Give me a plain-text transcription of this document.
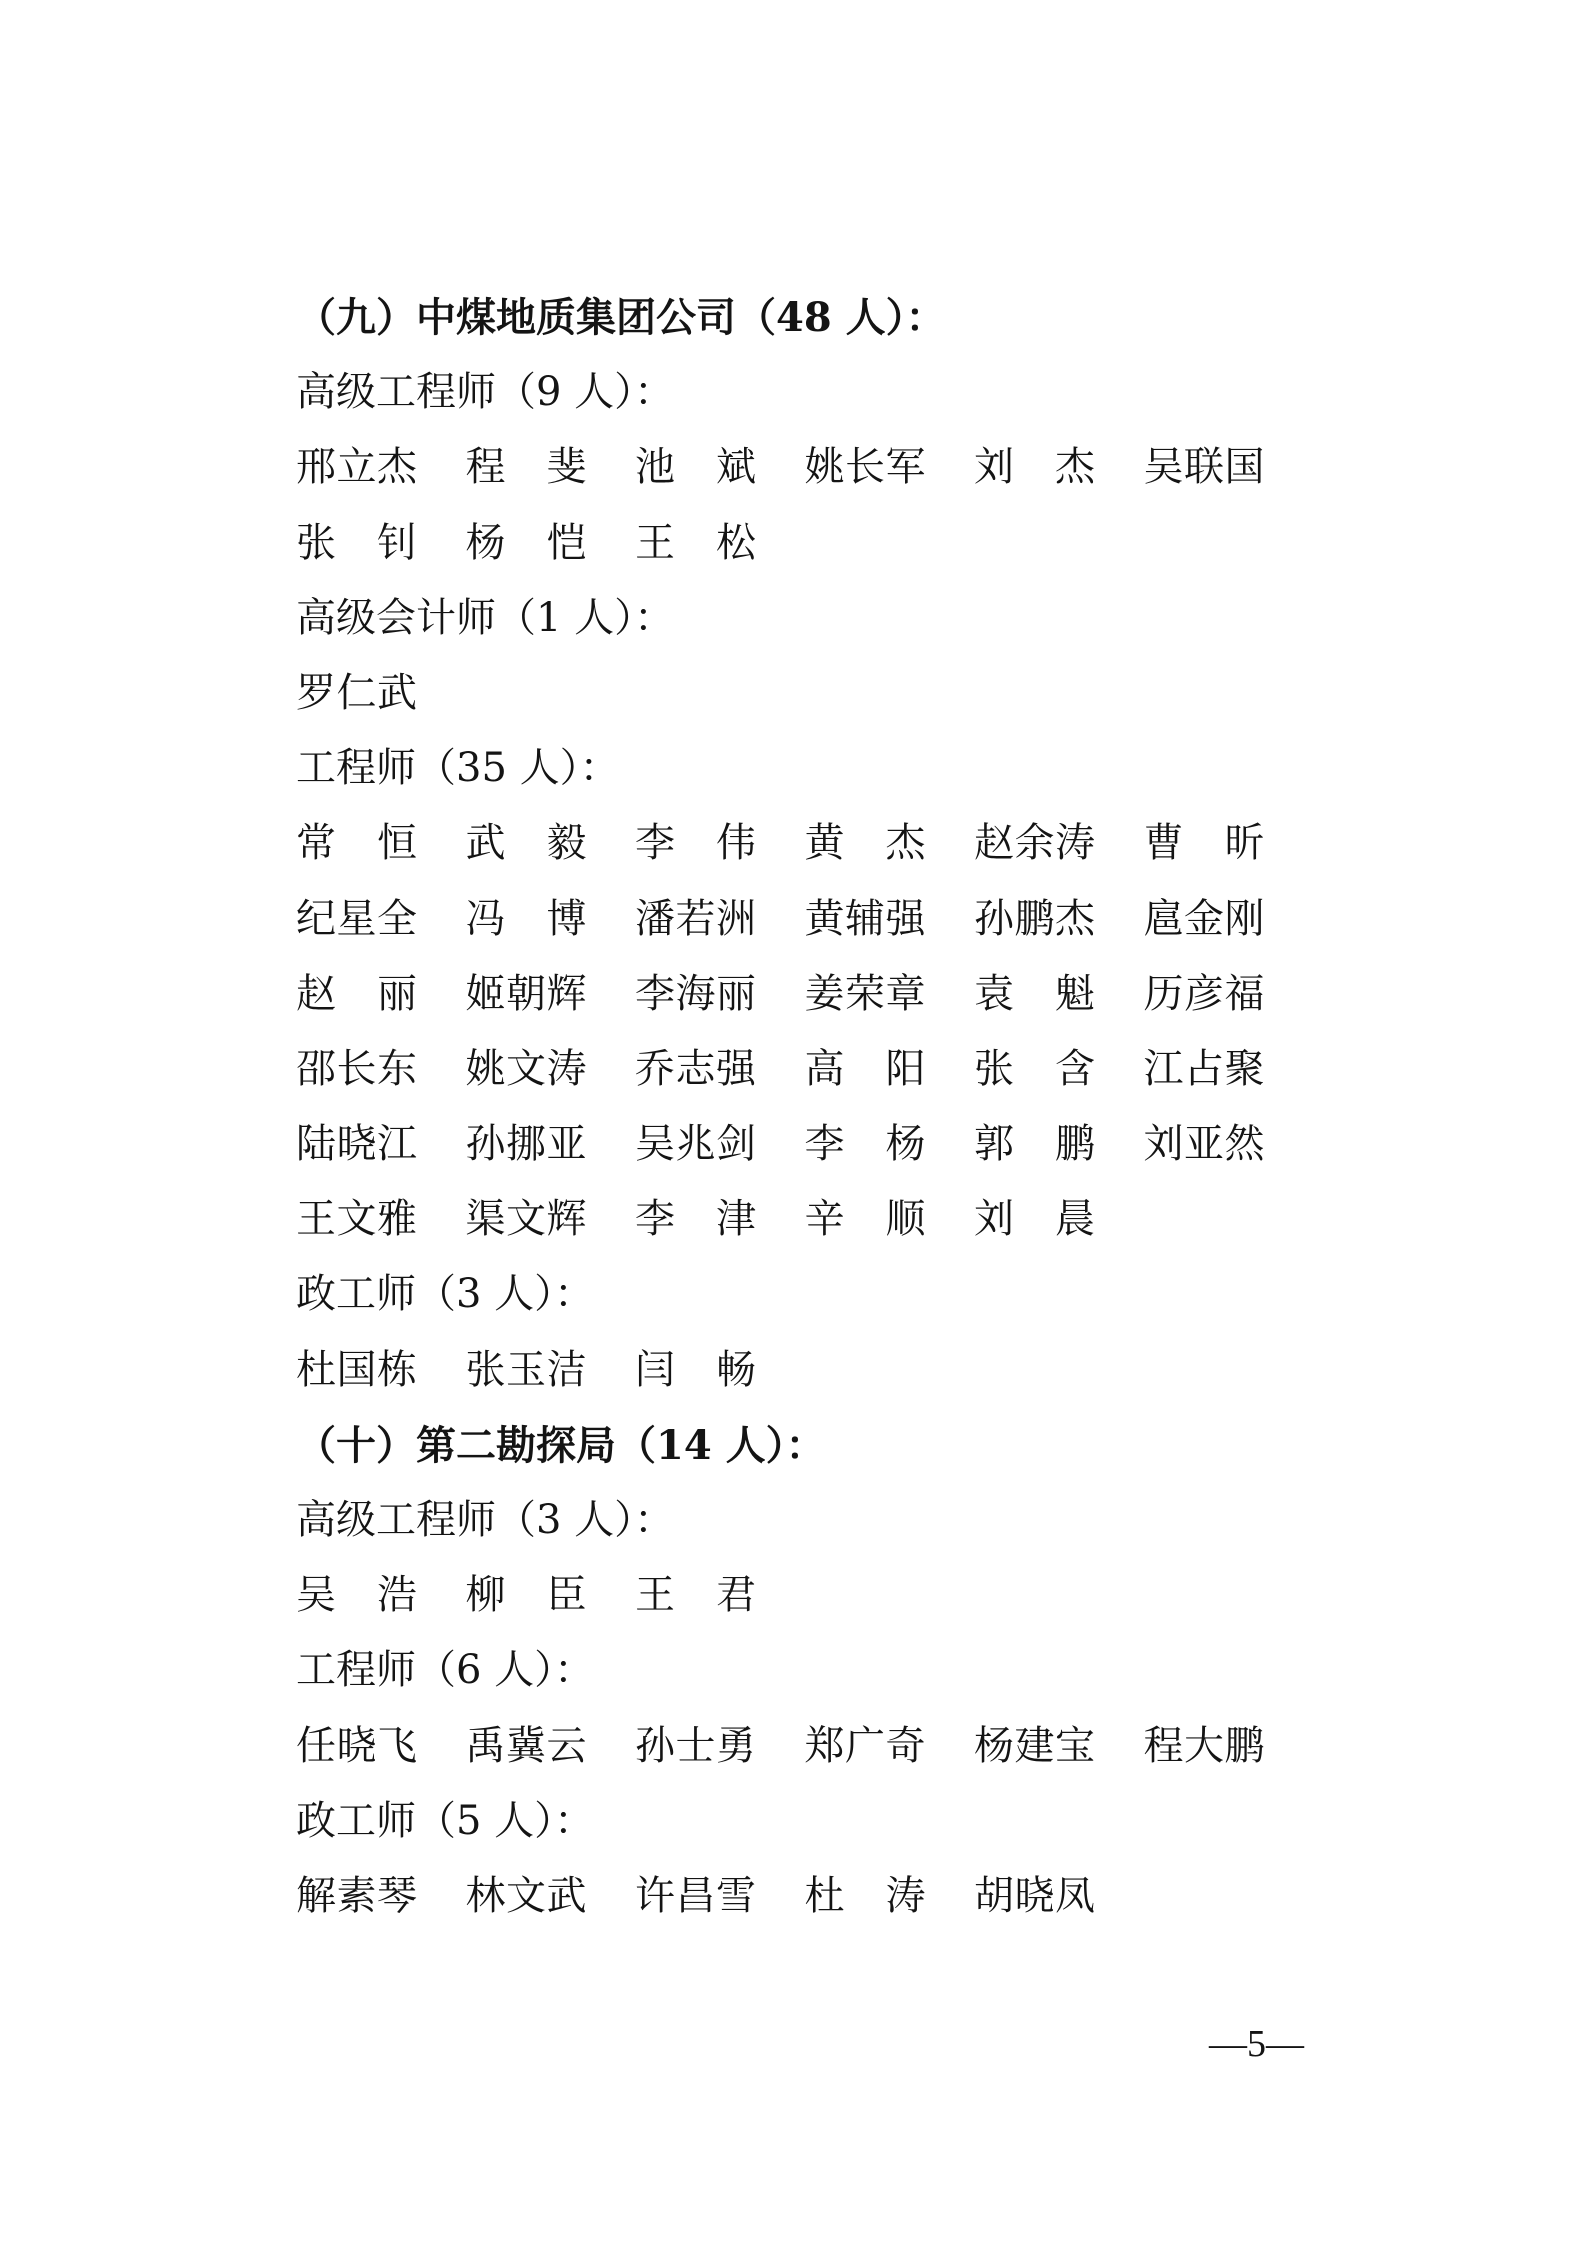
（九）中煤地质集团公司（48 人）：
高级工程师（9 人）：
邢立杰 程 斐 池 斌 姚长军 刘 杰 吴联国
张 钊 杨 恺 王 松
高级会计师（1 人）：
罗仁武
工程师（35 人）：
常 恒 武 毅 李 伟 黄 杰 赵余涛 曹 昕
纪星全 冯 博 潘若洲 黄辅强 孙鹏杰 扈金刚
赵 丽 姬朝辉 李海丽 姜荣章 袁 魁 历彦福
邵长东 姚文涛 乔志强 高 阳 张 含 江占聚
陆晓江 孙挪亚 吴兆剑 李 杨 郭 鹏 刘亚然
王文雅 渠文辉 李 津 辛 顺 刘 晨
政工师（3 人）：
杜国栋 张玉洁 闫 畅
（十）第二勘探局（14 人）：
高级工程师（3 人）：
吴 浩 柳 臣 王 君
工程师（6 人）：
任晓飞 禹冀云 孙士勇 郑广奇 杨建宝 程大鹏
政工师（5 人）：
解素琴 林文武 许昌雪 杜 涛 胡晓凤
—5—
